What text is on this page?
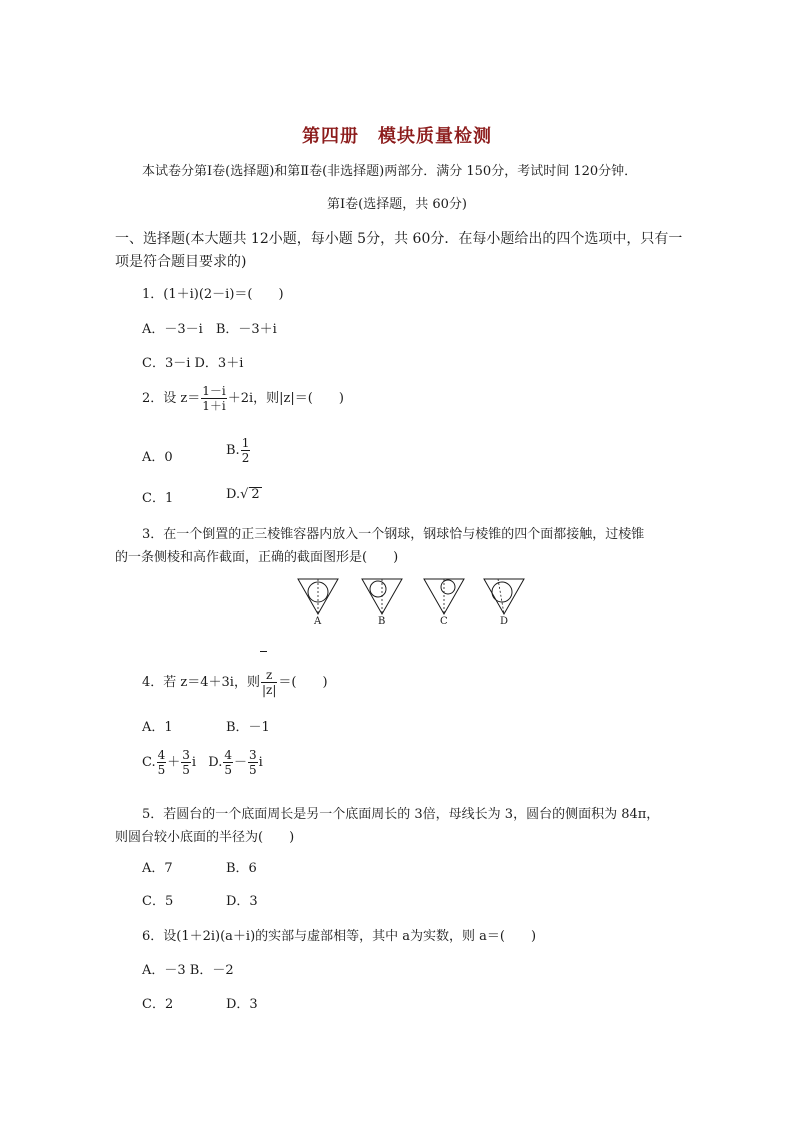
第四册　模块质量检测
本试卷分第Ⅰ卷(选择题)和第Ⅱ卷(非选择题)两部分．满分 150分，考试时间 120分钟．
第Ⅰ卷(选择题，共 60分)
一、选择题(本大题共 12小题，每小题 5分，共 60分．在每小题给出的四个选项中，只有一项是符合题目要求的)
1．(1＋i)(2－i)＝(　　)
A．－3－i　B．－3＋i
C．3－i D．3＋i
2．设 $z= \frac{1-i}{1+i} +2i$，则|z|＝(　　)
A．0	B. $\frac{1}{2}$
C．1	D.√ 2
3．在一个倒置的正三棱锥容器内放入一个钢球，钢球恰与棱锥的四个面都接触，过棱锥
的一条侧棱和高作截面，正确的截面图形是(　　)
A	B	C	D
4．若 z＝4＋3i，则 $\frac{z}{|z|}$ ＝(　　)
A．1	B．－1
C. $\frac{4}{5} + \frac{3}{5}$ i D. $\frac{4}{5} - \frac{3}{5}$ i
5．若圆台的一个底面周长是另一个底面周长的 3倍，母线长为 3，圆台的侧面积为 84π，
则圆台较小底面的半径为(　　)
A．7	B．6
C．5	D．3
6．设(1＋2i)(a＋i)的实部与虚部相等，其中 a为实数，则 a＝(　　)
A．－3 B．－2
C．2	D．3
